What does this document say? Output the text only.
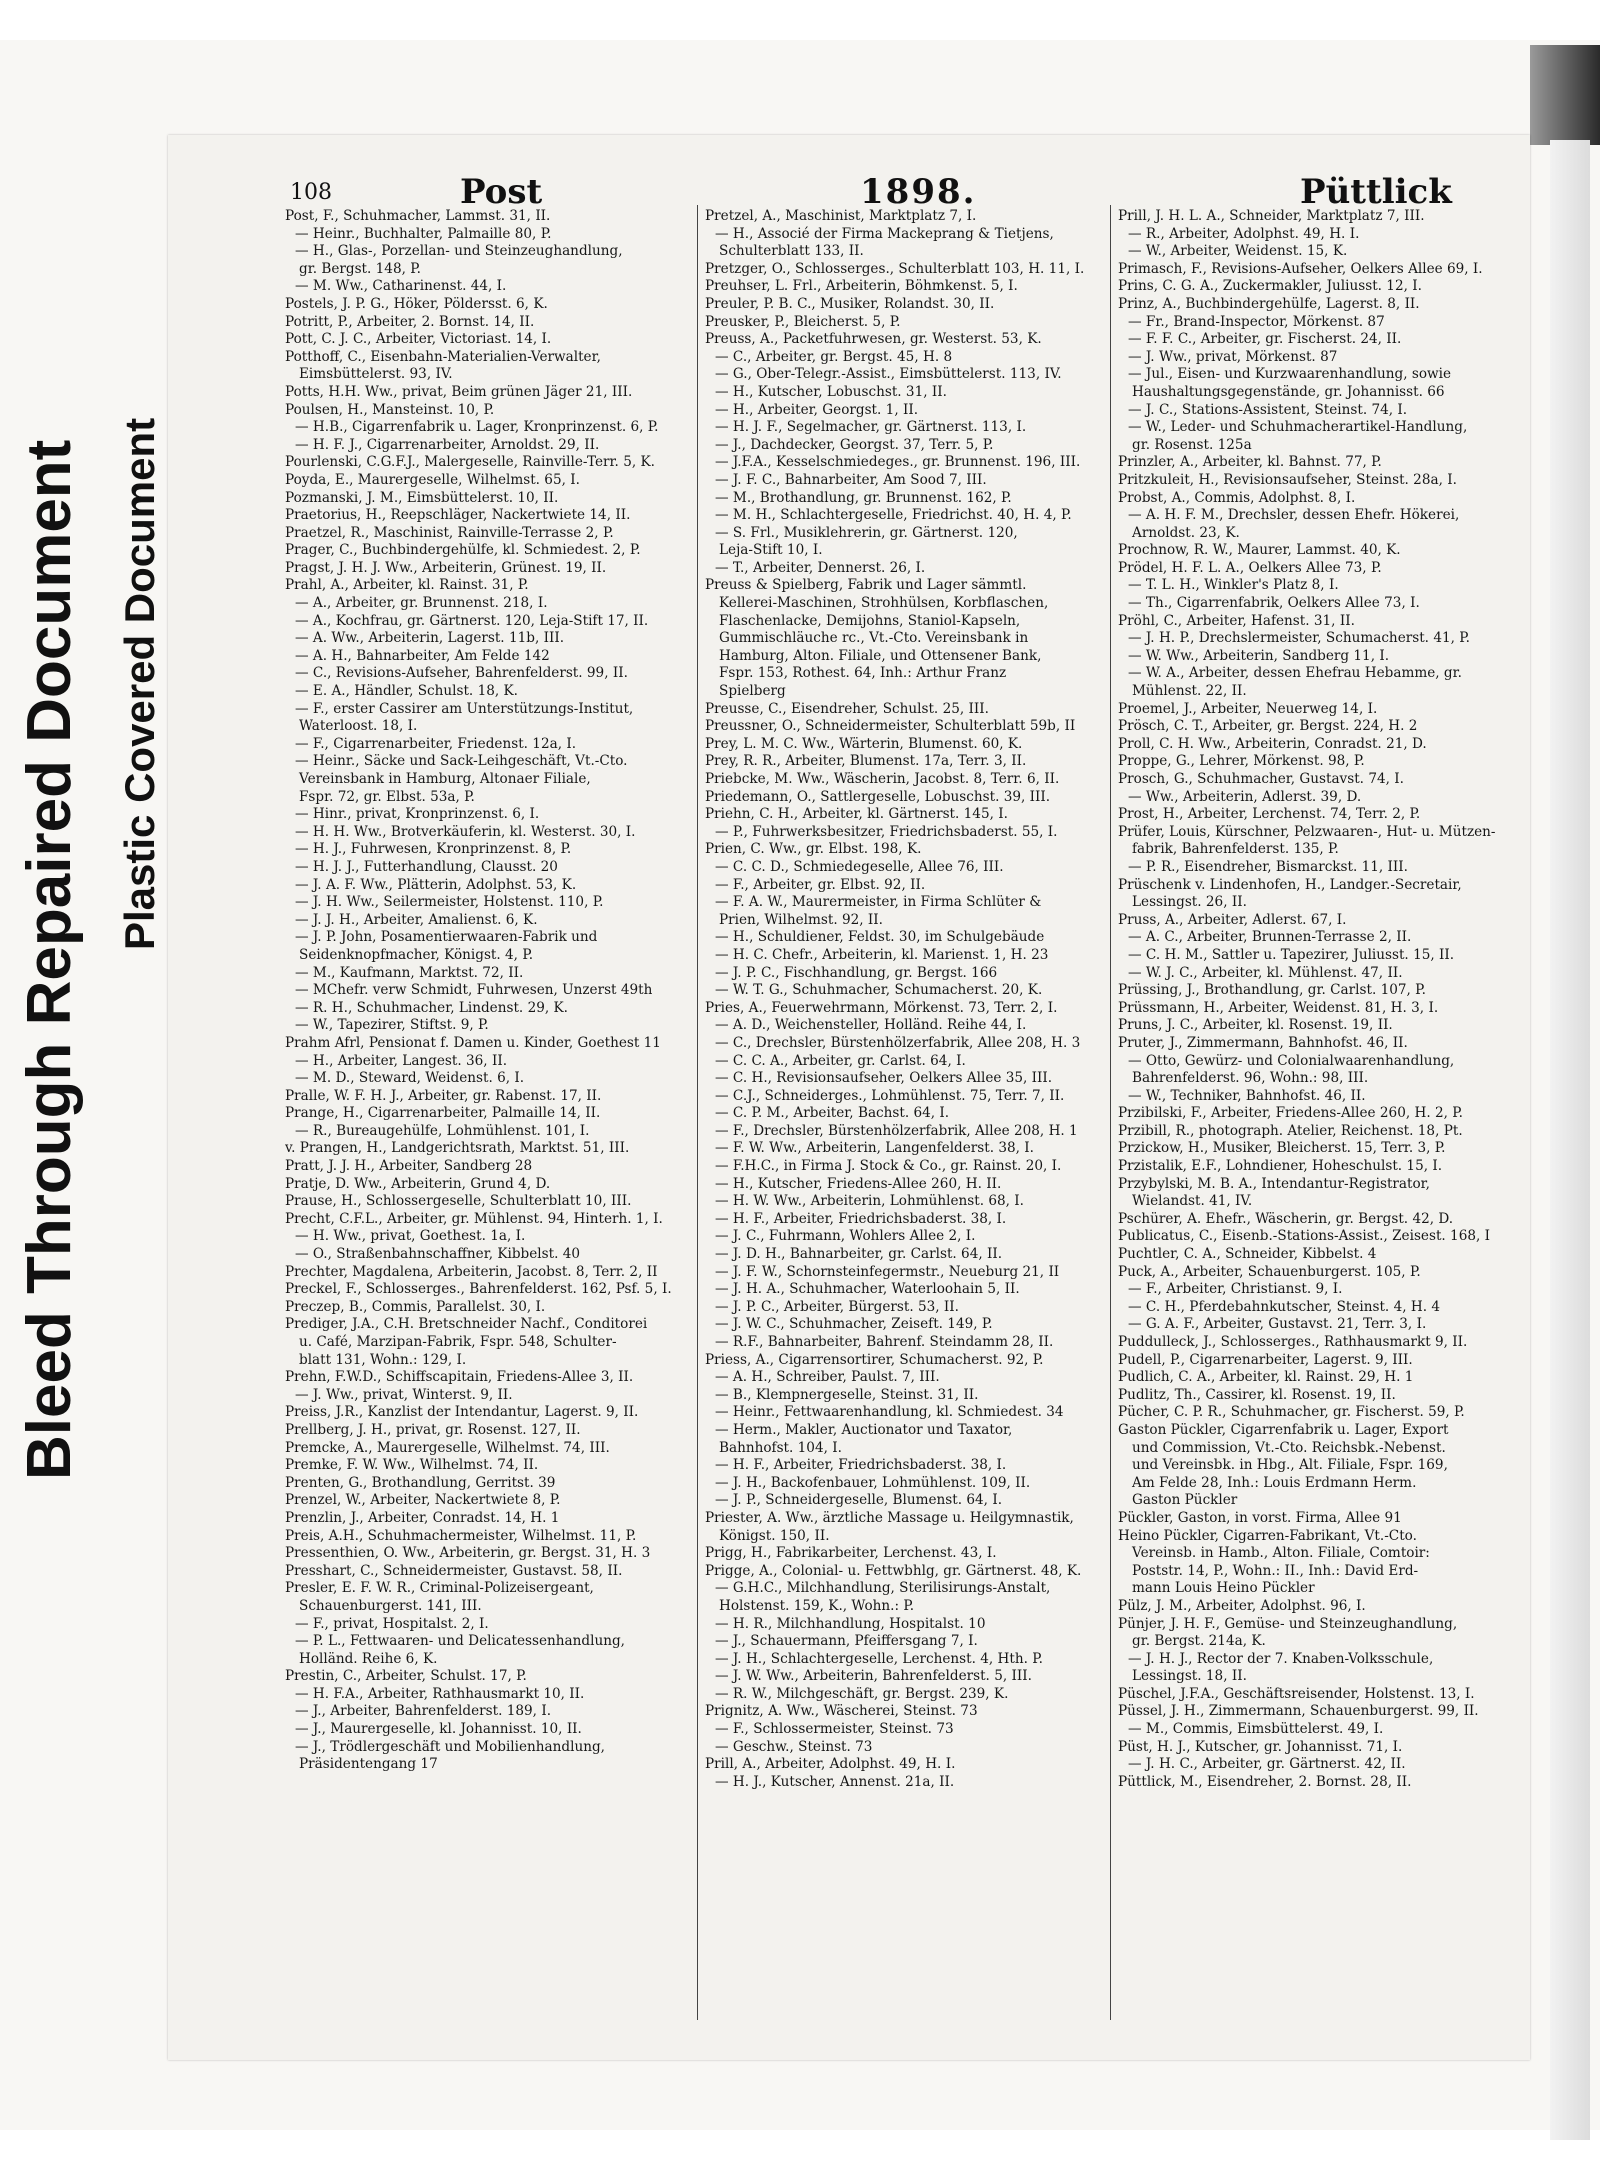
Bleed Through Repaired Document Plastic Covered Document
108	Post	1898.	Püttlick
Post, F., Schuhmacher, Lammst. 31, II.
— Heinr., Buchhalter, Palmaille 80, P.
— H., Glas-, Porzellan- und Steinzeughandlung,
gr. Bergst. 148, P.
— M. Ww., Catharinenst. 44, I.
Postels, J. P. G., Höker, Pöldersst. 6, K.
Potritt, P., Arbeiter, 2. Bornst. 14, II.
Pott, C. J. C., Arbeiter, Victoriast. 14, I.
Potthoff, C., Eisenbahn-Materialien-Verwalter,
Eimsbüttelerst. 93, IV.
Potts, H.H. Ww., privat, Beim grünen Jäger 21, III.
Poulsen, H., Mansteinst. 10, P.
— H.B., Cigarrenfabrik u. Lager, Kronprinzenst. 6, P.
— H. F. J., Cigarrenarbeiter, Arnoldst. 29, II.
Pourlenski, C.G.F.J., Malergeselle, Rainville-Terr. 5, K.
Poyda, E., Maurergeselle, Wilhelmst. 65, I.
Pozmanski, J. M., Eimsbüttelerst. 10, II.
Praetorius, H., Reepschläger, Nackertwiete 14, II.
Praetzel, R., Maschinist, Rainville-Terrasse 2, P.
Prager, C., Buchbindergehülfe, kl. Schmiedest. 2, P.
Pragst, J. H. J. Ww., Arbeiterin, Grünest. 19, II.
Prahl, A., Arbeiter, kl. Rainst. 31, P.
— A., Arbeiter, gr. Brunnenst. 218, I.
— A., Kochfrau, gr. Gärtnerst. 120, Leja-Stift 17, II.
— A. Ww., Arbeiterin, Lagerst. 11b, III.
— A. H., Bahnarbeiter, Am Felde 142
— C., Revisions-Aufseher, Bahrenfelderst. 99, II.
— E. A., Händler, Schulst. 18, K.
— F., erster Cassirer am Unterstützungs-Institut,
Waterloost. 18, I.
— F., Cigarrenarbeiter, Friedenst. 12a, I.
— Heinr., Säcke und Sack-Leihgeschäft, Vt.-Cto.
Vereinsbank in Hamburg, Altonaer Filiale,
Fspr. 72, gr. Elbst. 53a, P.
— Hinr., privat, Kronprinzenst. 6, I.
— H. H. Ww., Brotverkäuferin, kl. Westerst. 30, I.
— H. J., Fuhrwesen, Kronprinzenst. 8, P.
— H. J. J., Futterhandlung, Clausst. 20
— J. A. F. Ww., Plätterin, Adolphst. 53, K.
— J. H. Ww., Seilermeister, Holstenst. 110, P.
— J. J. H., Arbeiter, Amalienst. 6, K.
— J. P. John, Posamentierwaaren-Fabrik und
Seidenknopfmacher, Königst. 4, P.
— M., Kaufmann, Marktst. 72, II.
— MChefr. verw Schmidt, Fuhrwesen, Unzerst 49th
— R. H., Schuhmacher, Lindenst. 29, K.
— W., Tapezirer, Stiftst. 9, P.
Prahm Afrl, Pensionat f. Damen u. Kinder, Goethest 11
— H., Arbeiter, Langest. 36, II.
— M. D., Steward, Weidenst. 6, I.
Pralle, W. F. H. J., Arbeiter, gr. Rabenst. 17, II.
Prange, H., Cigarrenarbeiter, Palmaille 14, II.
— R., Bureaugehülfe, Lohmühlenst. 101, I.
v. Prangen, H., Landgerichtsrath, Marktst. 51, III.
Pratt, J. J. H., Arbeiter, Sandberg 28
Pratje, D. Ww., Arbeiterin, Grund 4, D.
Prause, H., Schlossergeselle, Schulterblatt 10, III.
Precht, C.F.L., Arbeiter, gr. Mühlenst. 94, Hinterh. 1, I.
— H. Ww., privat, Goethest. 1a, I.
— O., Straßenbahnschaffner, Kibbelst. 40
Prechter, Magdalena, Arbeiterin, Jacobst. 8, Terr. 2, II
Preckel, F., Schlosserges., Bahrenfelderst. 162, Psf. 5, I.
Preczep, B., Commis, Parallelst. 30, I.
Prediger, J.A., C.H. Bretschneider Nachf., Conditorei
u. Café, Marzipan-Fabrik, Fspr. 548, Schulter-
blatt 131, Wohn.: 129, I.
Prehn, F.W.D., Schiffscapitain, Friedens-Allee 3, II.
— J. Ww., privat, Winterst. 9, II.
Preiss, J.R., Kanzlist der Intendantur, Lagerst. 9, II.
Prellberg, J. H., privat, gr. Rosenst. 127, II.
Premcke, A., Maurergeselle, Wilhelmst. 74, III.
Premke, F. W. Ww., Wilhelmst. 74, II.
Prenten, G., Brothandlung, Gerritst. 39
Prenzel, W., Arbeiter, Nackertwiete 8, P.
Prenzlin, J., Arbeiter, Conradst. 14, H. 1
Preis, A.H., Schuhmachermeister, Wilhelmst. 11, P.
Pressenthien, O. Ww., Arbeiterin, gr. Bergst. 31, H. 3
Presshart, C., Schneidermeister, Gustavst. 58, II.
Presler, E. F. W. R., Criminal-Polizeisergeant,
Schauenburgerst. 141, III.
— F., privat, Hospitalst. 2, I.
— P. L., Fettwaaren- und Delicatessenhandlung,
Holländ. Reihe 6, K.
Prestin, C., Arbeiter, Schulst. 17, P.
— H. F.A., Arbeiter, Rathhausmarkt 10, II.
— J., Arbeiter, Bahrenfelderst. 189, I.
— J., Maurergeselle, kl. Johannisst. 10, II.
— J., Trödlergeschäft und Mobilienhandlung,
Präsidentengang 17
Pretzel, A., Maschinist, Marktplatz 7, I.
— H., Associé der Firma Mackeprang & Tietjens,
Schulterblatt 133, II.
Pretzger, O., Schlosserges., Schulterblatt 103, H. 11, I.
Preuhser, L. Frl., Arbeiterin, Böhmkenst. 5, I.
Preuler, P. B. C., Musiker, Rolandst. 30, II.
Preusker, P., Bleicherst. 5, P.
Preuss, A., Packetfuhrwesen, gr. Westerst. 53, K.
— C., Arbeiter, gr. Bergst. 45, H. 8
— G., Ober-Telegr.-Assist., Eimsbüttelerst. 113, IV.
— H., Kutscher, Lobuschst. 31, II.
— H., Arbeiter, Georgst. 1, II.
— H. J. F., Segelmacher, gr. Gärtnerst. 113, I.
— J., Dachdecker, Georgst. 37, Terr. 5, P.
— J.F.A., Kesselschmiedeges., gr. Brunnenst. 196, III.
— J. F. C., Bahnarbeiter, Am Sood 7, III.
— M., Brothandlung, gr. Brunnenst. 162, P.
— M. H., Schlachtergeselle, Friedrichst. 40, H. 4, P.
— S. Frl., Musiklehrerin, gr. Gärtnerst. 120,
Leja-Stift 10, I.
— T., Arbeiter, Dennerst. 26, I.
Preuss & Spielberg, Fabrik und Lager sämmtl.
Kellerei-Maschinen, Strohhülsen, Korbflaschen,
Flaschenlacke, Demijohns, Staniol-Kapseln,
Gummischläuche rc., Vt.-Cto. Vereinsbank in
Hamburg, Alton. Filiale, und Ottensener Bank,
Fspr. 153, Rothest. 64, Inh.: Arthur Franz
Spielberg
Preusse, C., Eisendreher, Schulst. 25, III.
Preussner, O., Schneidermeister, Schulterblatt 59b, II
Prey, L. M. C. Ww., Wärterin, Blumenst. 60, K.
Prey, R. R., Arbeiter, Blumenst. 17a, Terr. 3, II.
Priebcke, M. Ww., Wäscherin, Jacobst. 8, Terr. 6, II.
Priedemann, O., Sattlergeselle, Lobuschst. 39, III.
Priehn, C. H., Arbeiter, kl. Gärtnerst. 145, I.
— P., Fuhrwerksbesitzer, Friedrichsbaderst. 55, I.
Prien, C. Ww., gr. Elbst. 198, K.
— C. C. D., Schmiedegeselle, Allee 76, III.
— F., Arbeiter, gr. Elbst. 92, II.
— F. A. W., Maurermeister, in Firma Schlüter &
Prien, Wilhelmst. 92, II.
— H., Schuldiener, Feldst. 30, im Schulgebäude
— H. C. Chefr., Arbeiterin, kl. Marienst. 1, H. 23
— J. P. C., Fischhandlung, gr. Bergst. 166
— W. T. G., Schuhmacher, Schumacherst. 20, K.
Pries, A., Feuerwehrmann, Mörkenst. 73, Terr. 2, I.
— A. D., Weichensteller, Holländ. Reihe 44, I.
— C., Drechsler, Bürstenhölzerfabrik, Allee 208, H. 3
— C. C. A., Arbeiter, gr. Carlst. 64, I.
— C. H., Revisionsaufseher, Oelkers Allee 35, III.
— C.J., Schneiderges., Lohmühlenst. 75, Terr. 7, II.
— C. P. M., Arbeiter, Bachst. 64, I.
— F., Drechsler, Bürstenhölzerfabrik, Allee 208, H. 1
— F. W. Ww., Arbeiterin, Langenfelderst. 38, I.
— F.H.C., in Firma J. Stock & Co., gr. Rainst. 20, I.
— H., Kutscher, Friedens-Allee 260, H. II.
— H. W. Ww., Arbeiterin, Lohmühlenst. 68, I.
— H. F., Arbeiter, Friedrichsbaderst. 38, I.
— J. C., Fuhrmann, Wohlers Allee 2, I.
— J. D. H., Bahnarbeiter, gr. Carlst. 64, II.
— J. F. W., Schornsteinfegermstr., Neueburg 21, II
— J. H. A., Schuhmacher, Waterloohain 5, II.
— J. P. C., Arbeiter, Bürgerst. 53, II.
— J. W. C., Schuhmacher, Zeiseft. 149, P.
— R.F., Bahnarbeiter, Bahrenf. Steindamm 28, II.
Priess, A., Cigarrensortirer, Schumacherst. 92, P.
— A. H., Schreiber, Paulst. 7, III.
— B., Klempnergeselle, Steinst. 31, II.
— Heinr., Fettwaarenhandlung, kl. Schmiedest. 34
— Herm., Makler, Auctionator und Taxator,
Bahnhofst. 104, I.
— H. F., Arbeiter, Friedrichsbaderst. 38, I.
— J. H., Backofenbauer, Lohmühlenst. 109, II.
— J. P., Schneidergeselle, Blumenst. 64, I.
Priester, A. Ww., ärztliche Massage u. Heilgymnastik,
Königst. 150, II.
Prigg, H., Fabrikarbeiter, Lerchenst. 43, I.
Prigge, A., Colonial- u. Fettwbhlg, gr. Gärtnerst. 48, K.
— G.H.C., Milchhandlung, Sterilisirungs-Anstalt,
Holstenst. 159, K., Wohn.: P.
— H. R., Milchhandlung, Hospitalst. 10
— J., Schauermann, Pfeiffersgang 7, I.
— J. H., Schlachtergeselle, Lerchenst. 4, Hth. P.
— J. W. Ww., Arbeiterin, Bahrenfelderst. 5, III.
— R. W., Milchgeschäft, gr. Bergst. 239, K.
Prignitz, A. Ww., Wäscherei, Steinst. 73
— F., Schlossermeister, Steinst. 73
— Geschw., Steinst. 73
Prill, A., Arbeiter, Adolphst. 49, H. I.
— H. J., Kutscher, Annenst. 21a, II.
Prill, J. H. L. A., Schneider, Marktplatz 7, III.
— R., Arbeiter, Adolphst. 49, H. I.
— W., Arbeiter, Weidenst. 15, K.
Primasch, F., Revisions-Aufseher, Oelkers Allee 69, I.
Prins, C. G. A., Zuckermakler, Juliusst. 12, I.
Prinz, A., Buchbindergehülfe, Lagerst. 8, II.
— Fr., Brand-Inspector, Mörkenst. 87
— F. F. C., Arbeiter, gr. Fischerst. 24, II.
— J. Ww., privat, Mörkenst. 87
— Jul., Eisen- und Kurzwaarenhandlung, sowie
Haushaltungsgegenstände, gr. Johannisst. 66
— J. C., Stations-Assistent, Steinst. 74, I.
— W., Leder- und Schuhmacherartikel-Handlung,
gr. Rosenst. 125a
Prinzler, A., Arbeiter, kl. Bahnst. 77, P.
Pritzkuleit, H., Revisionsaufseher, Steinst. 28a, I.
Probst, A., Commis, Adolphst. 8, I.
— A. H. F. M., Drechsler, dessen Ehefr. Hökerei,
Arnoldst. 23, K.
Prochnow, R. W., Maurer, Lammst. 40, K.
Prödel, H. F. L. A., Oelkers Allee 73, P.
— T. L. H., Winkler's Platz 8, I.
— Th., Cigarrenfabrik, Oelkers Allee 73, I.
Pröhl, C., Arbeiter, Hafenst. 31, II.
— J. H. P., Drechslermeister, Schumacherst. 41, P.
— W. Ww., Arbeiterin, Sandberg 11, I.
— W. A., Arbeiter, dessen Ehefrau Hebamme, gr.
Mühlenst. 22, II.
Proemel, J., Arbeiter, Neuerweg 14, I.
Prösch, C. T., Arbeiter, gr. Bergst. 224, H. 2
Proll, C. H. Ww., Arbeiterin, Conradst. 21, D.
Proppe, G., Lehrer, Mörkenst. 98, P.
Prosch, G., Schuhmacher, Gustavst. 74, I.
— Ww., Arbeiterin, Adlerst. 39, D.
Prost, H., Arbeiter, Lerchenst. 74, Terr. 2, P.
Prüfer, Louis, Kürschner, Pelzwaaren-, Hut- u. Mützen-
fabrik, Bahrenfelderst. 135, P.
— P. R., Eisendreher, Bismarckst. 11, III.
Prüschenk v. Lindenhofen, H., Landger.-Secretair,
Lessingst. 26, II.
Pruss, A., Arbeiter, Adlerst. 67, I.
— A. C., Arbeiter, Brunnen-Terrasse 2, II.
— C. H. M., Sattler u. Tapezirer, Juliusst. 15, II.
— W. J. C., Arbeiter, kl. Mühlenst. 47, II.
Prüssing, J., Brothandlung, gr. Carlst. 107, P.
Prüssmann, H., Arbeiter, Weidenst. 81, H. 3, I.
Pruns, J. C., Arbeiter, kl. Rosenst. 19, II.
Pruter, J., Zimmermann, Bahnhofst. 46, II.
— Otto, Gewürz- und Colonialwaarenhandlung,
Bahrenfelderst. 96, Wohn.: 98, III.
— W., Techniker, Bahnhofst. 46, II.
Przibilski, F., Arbeiter, Friedens-Allee 260, H. 2, P.
Przibill, R., photograph. Atelier, Reichenst. 18, Pt.
Przickow, H., Musiker, Bleicherst. 15, Terr. 3, P.
Przistalik, E.F., Lohndiener, Hoheschulst. 15, I.
Przybylski, M. B. A., Intendantur-Registrator,
Wielandst. 41, IV.
Pschürer, A. Ehefr., Wäscherin, gr. Bergst. 42, D.
Publicatus, C., Eisenb.-Stations-Assist., Zeisest. 168, I
Puchtler, C. A., Schneider, Kibbelst. 4
Puck, A., Arbeiter, Schauenburgerst. 105, P.
— F., Arbeiter, Christianst. 9, I.
— C. H., Pferdebahnkutscher, Steinst. 4, H. 4
— G. A. F., Arbeiter, Gustavst. 21, Terr. 3, I.
Puddulleck, J., Schlosserges., Rathhausmarkt 9, II.
Pudell, P., Cigarrenarbeiter, Lagerst. 9, III.
Pudlich, C. A., Arbeiter, kl. Rainst. 29, H. 1
Pudlitz, Th., Cassirer, kl. Rosenst. 19, II.
Pücher, C. P. R., Schuhmacher, gr. Fischerst. 59, P.
Gaston Pückler, Cigarrenfabrik u. Lager, Export
und Commission, Vt.-Cto. Reichsbk.-Nebenst.
und Vereinsbk. in Hbg., Alt. Filiale, Fspr. 169,
Am Felde 28, Inh.: Louis Erdmann Herm.
Gaston Pückler
Pückler, Gaston, in vorst. Firma, Allee 91
Heino Pückler, Cigarren-Fabrikant, Vt.-Cto.
Vereinsb. in Hamb., Alton. Filiale, Comtoir:
Poststr. 14, P., Wohn.: II., Inh.: David Erd-
mann Louis Heino Pückler
Pülz, J. M., Arbeiter, Adolphst. 96, I.
Pünjer, J. H. F., Gemüse- und Steinzeughandlung,
gr. Bergst. 214a, K.
— J. H. J., Rector der 7. Knaben-Volksschule,
Lessingst. 18, II.
Püschel, J.F.A., Geschäftsreisender, Holstenst. 13, I.
Püssel, J. H., Zimmermann, Schauenburgerst. 99, II.
— M., Commis, Eimsbüttelerst. 49, I.
Püst, H. J., Kutscher, gr. Johannisst. 71, I.
— J. H. C., Arbeiter, gr. Gärtnerst. 42, II.
Püttlick, M., Eisendreher, 2. Bornst. 28, II.
